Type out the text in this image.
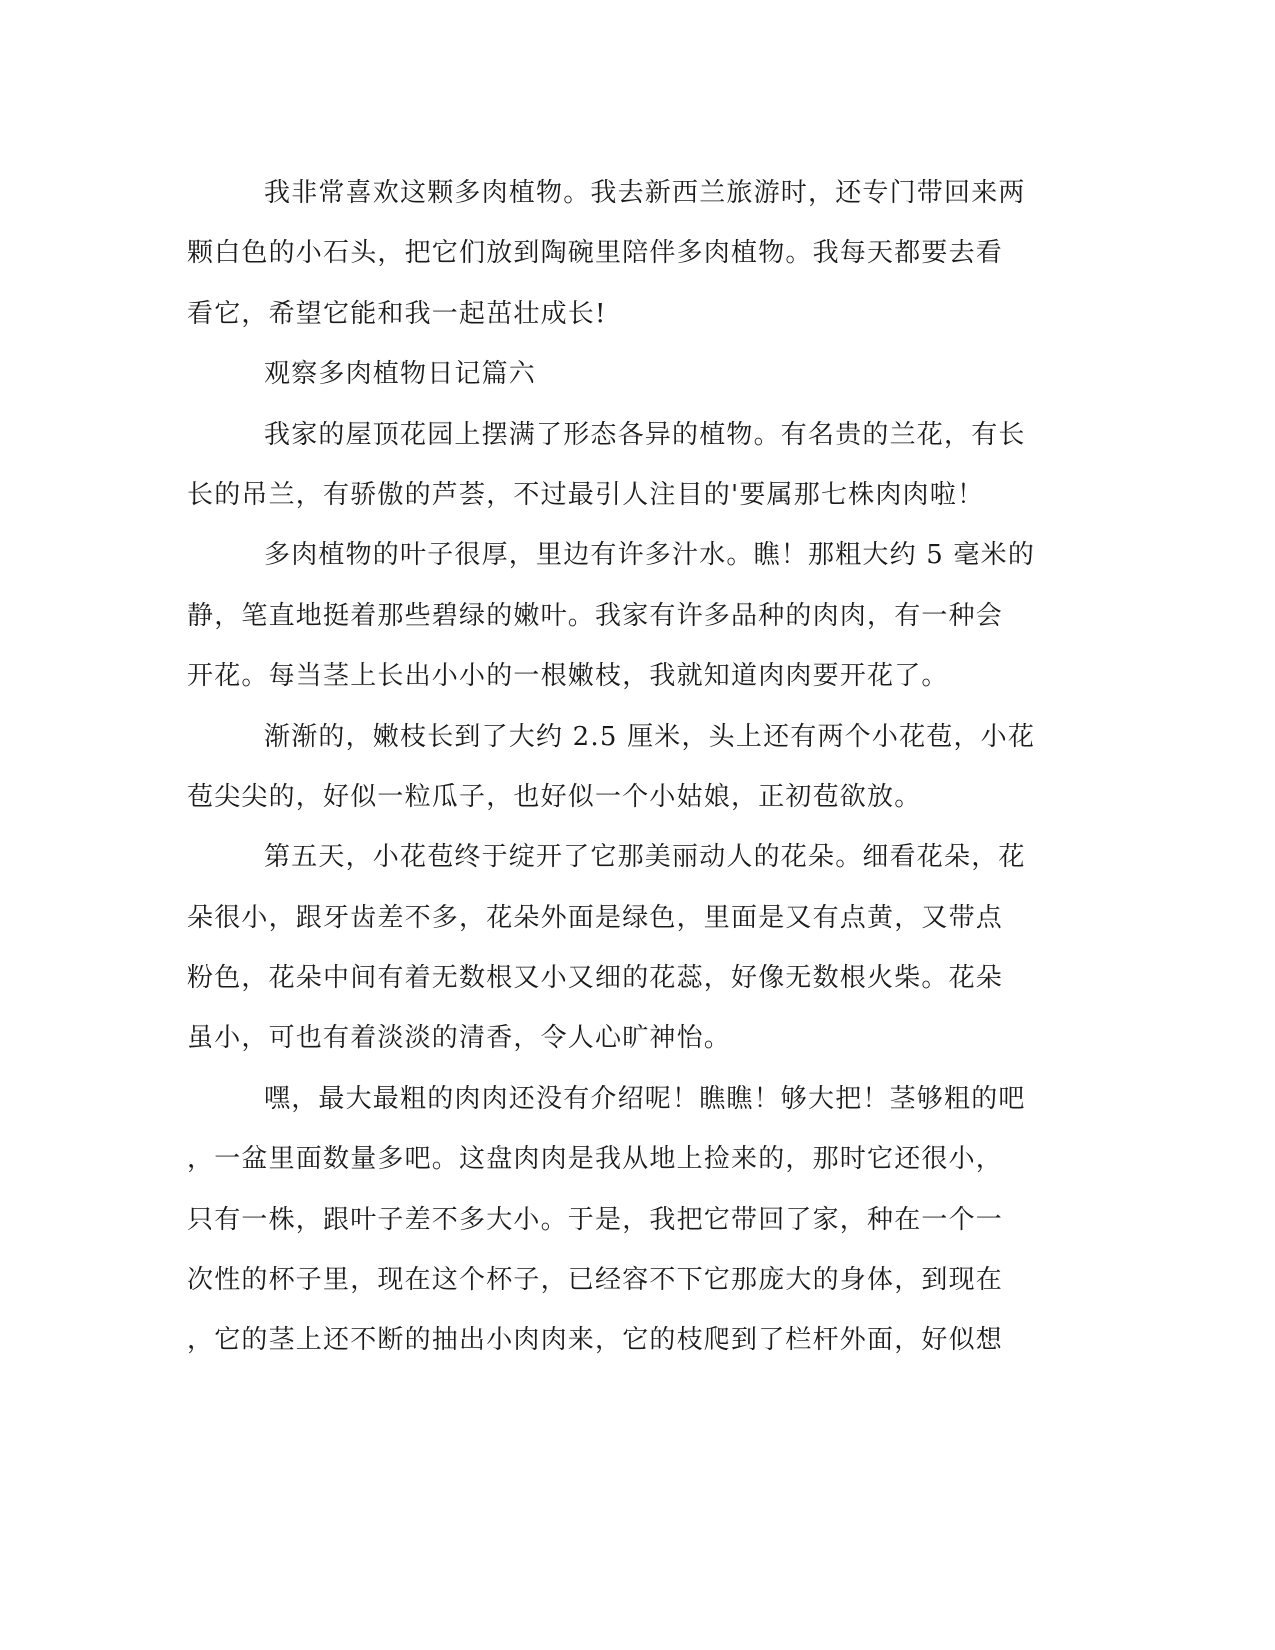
我非常喜欢这颗多肉植物。我去新西兰旅游时，还专门带回来两
颗白色的小石头，把它们放到陶碗里陪伴多肉植物。我每天都要去看
看它，希望它能和我一起茁壮成长!
观察多肉植物日记篇六
我家的屋顶花园上摆满了形态各异的植物。有名贵的兰花，有长
长的吊兰，有骄傲的芦荟，不过最引人注目的'要属那七株肉肉啦！
多肉植物的叶子很厚，里边有许多汁水。瞧！那粗大约 5 毫米的
静，笔直地挺着那些碧绿的嫩叶。我家有许多品种的肉肉，有一种会
开花。每当茎上长出小小的一根嫩枝，我就知道肉肉要开花了。
渐渐的，嫩枝长到了大约 2.5 厘米，头上还有两个小花苞，小花
苞尖尖的，好似一粒瓜子，也好似一个小姑娘，正初苞欲放。
第五天，小花苞终于绽开了它那美丽动人的花朵。细看花朵，花
朵很小，跟牙齿差不多，花朵外面是绿色，里面是又有点黄，又带点
粉色，花朵中间有着无数根又小又细的花蕊，好像无数根火柴。花朵
虽小，可也有着淡淡的清香，令人心旷神怡。
嘿，最大最粗的肉肉还没有介绍呢！瞧瞧！够大把！茎够粗的吧
，一盆里面数量多吧。这盘肉肉是我从地上捡来的，那时它还很小，
只有一株，跟叶子差不多大小。于是，我把它带回了家，种在一个一
次性的杯子里，现在这个杯子，已经容不下它那庞大的身体，到现在
，它的茎上还不断的抽出小肉肉来，它的枝爬到了栏杆外面，好似想
